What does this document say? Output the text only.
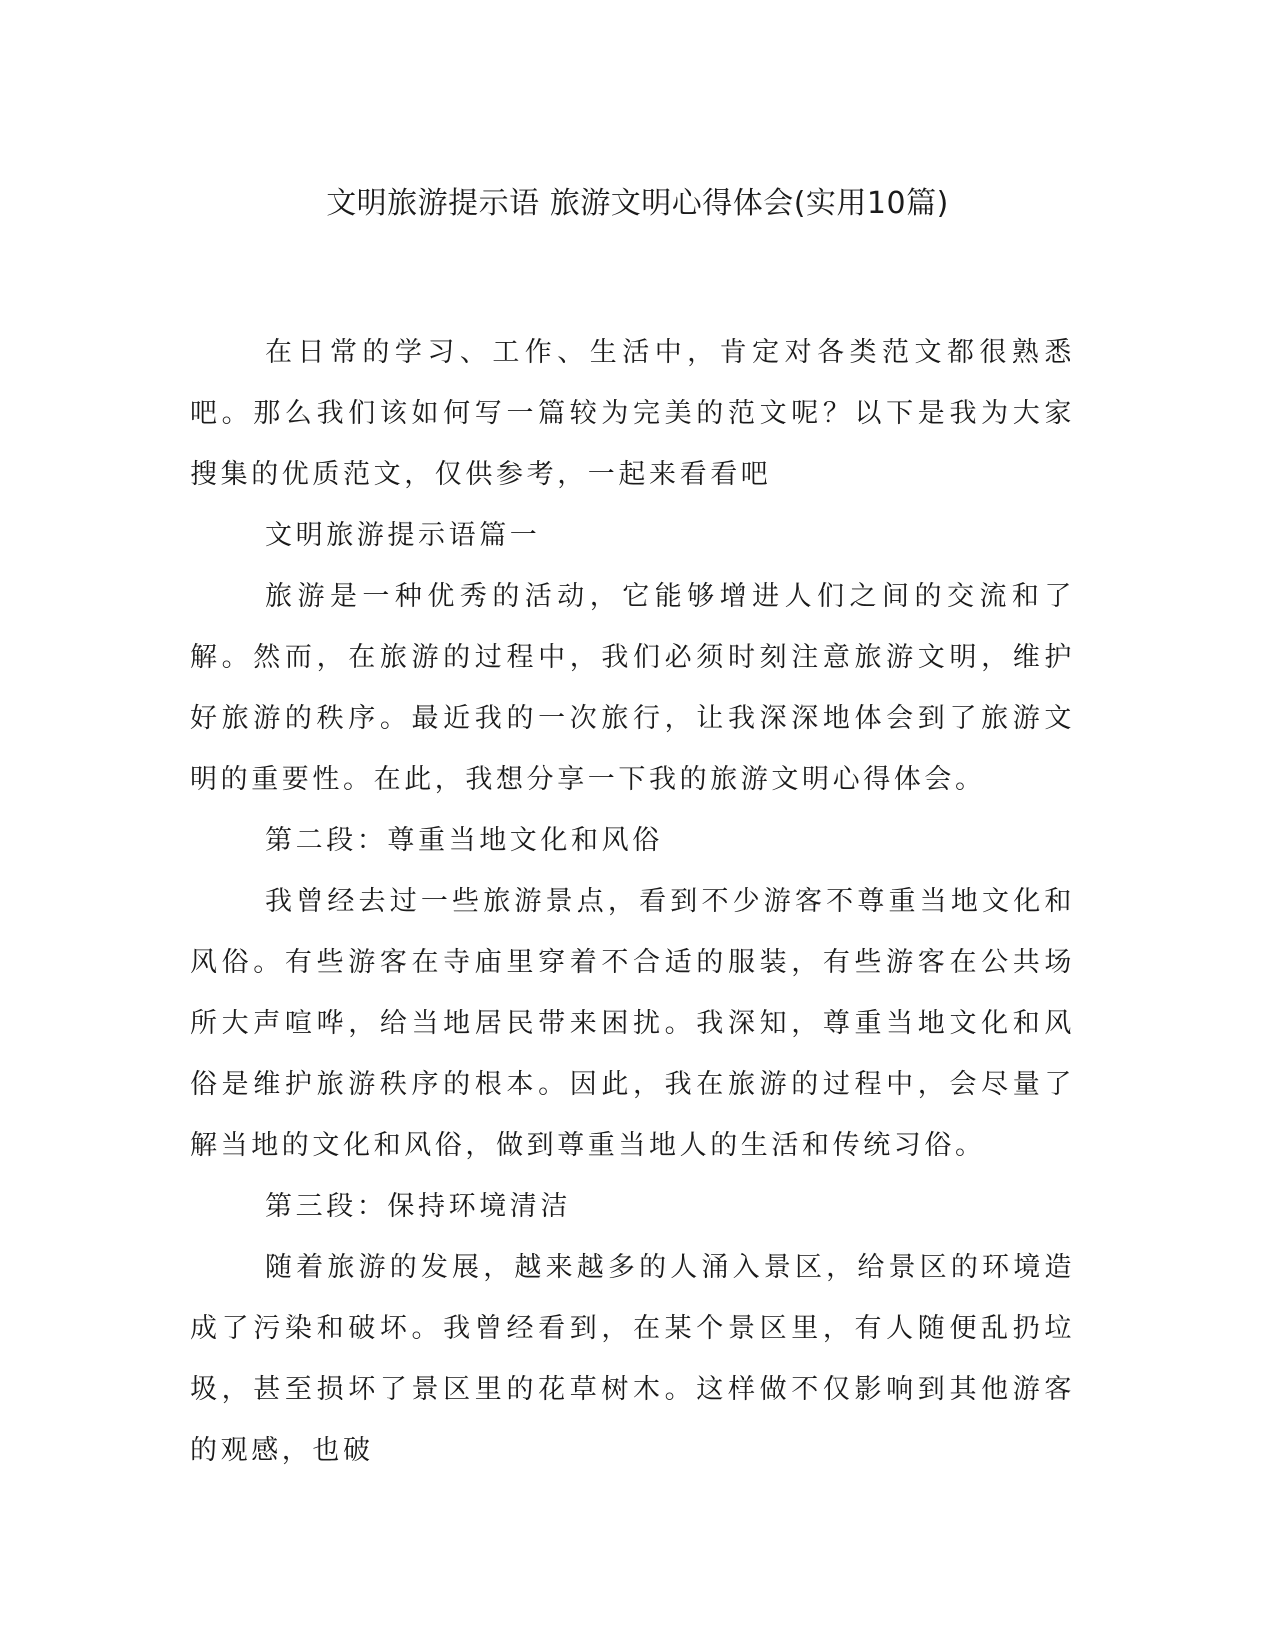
文明旅游提示语 旅游文明心得体会(实用10篇)

在日常的学习、工作、生活中，肯定对各类范文都很熟悉吧。那么我们该如何写一篇较为完美的范文呢？以下是我为大家搜集的优质范文，仅供参考，一起来看看吧

文明旅游提示语篇一

旅游是一种优秀的活动，它能够增进人们之间的交流和了解。然而，在旅游的过程中，我们必须时刻注意旅游文明，维护好旅游的秩序。最近我的一次旅行，让我深深地体会到了旅游文明的重要性。在此，我想分享一下我的旅游文明心得体会。

第二段：尊重当地文化和风俗

我曾经去过一些旅游景点，看到不少游客不尊重当地文化和风俗。有些游客在寺庙里穿着不合适的服装，有些游客在公共场所大声喧哗，给当地居民带来困扰。我深知，尊重当地文化和风俗是维护旅游秩序的根本。因此，我在旅游的过程中，会尽量了解当地的文化和风俗，做到尊重当地人的生活和传统习俗。

第三段：保持环境清洁

随着旅游的发展，越来越多的人涌入景区，给景区的环境造成了污染和破坏。我曾经看到，在某个景区里，有人随便乱扔垃圾，甚至损坏了景区里的花草树木。这样做不仅影响到其他游客的观感，也破
